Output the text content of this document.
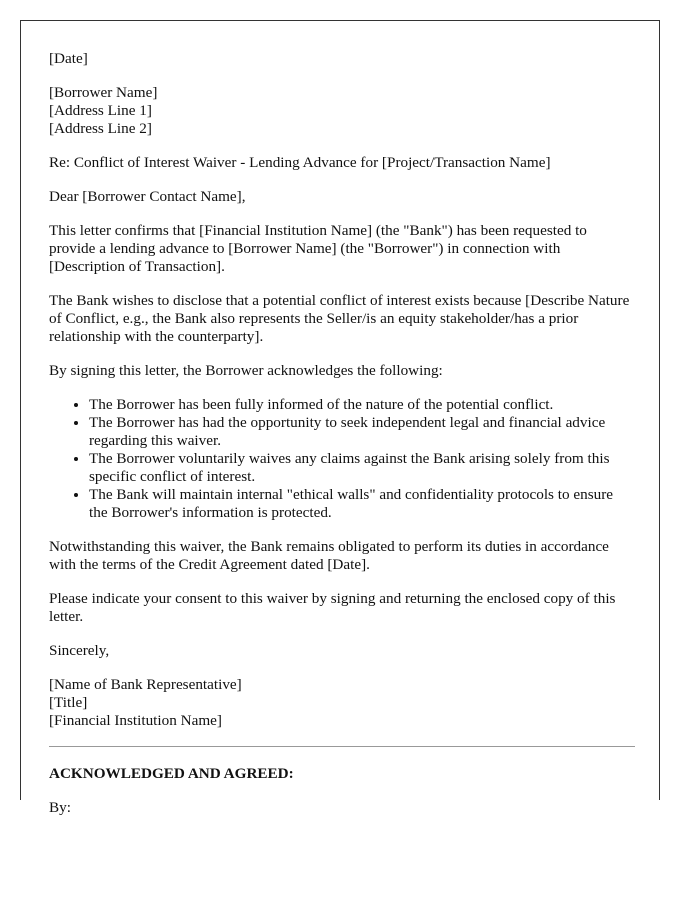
[Date]

[Borrower Name]

[Address Line 1]

[Address Line 2]

Re: Conflict of Interest Waiver - Lending Advance for [Project/Transaction Name]

Dear [Borrower Contact Name],

This letter confirms that [Financial Institution Name] (the "Bank") has been requested to provide a lending advance to [Borrower Name] (the "Borrower") in connection with [Description of Transaction].

The Bank wishes to disclose that a potential conflict of interest exists because [Describe Nature of Conflict, e.g., the Bank also represents the Seller/is an equity stakeholder/has a prior relationship with the counterparty].

By signing this letter, the Borrower acknowledges the following:

• The Borrower has been fully informed of the nature of the potential conflict.
• The Borrower has had the opportunity to seek independent legal and financial advice regarding this waiver.
• The Borrower voluntarily waives any claims against the Bank arising solely from this specific conflict of interest.
• The Bank will maintain internal "ethical walls" and confidentiality protocols to ensure the Borrower's information is protected.

Notwithstanding this waiver, the Bank remains obligated to perform its duties in accordance with the terms of the Credit Agreement dated [Date].

Please indicate your consent to this waiver by signing and returning the enclosed copy of this letter.

Sincerely,

[Name of Bank Representative]

[Title]

[Financial Institution Name]

ACKNOWLEDGED AND AGREED:

By:
